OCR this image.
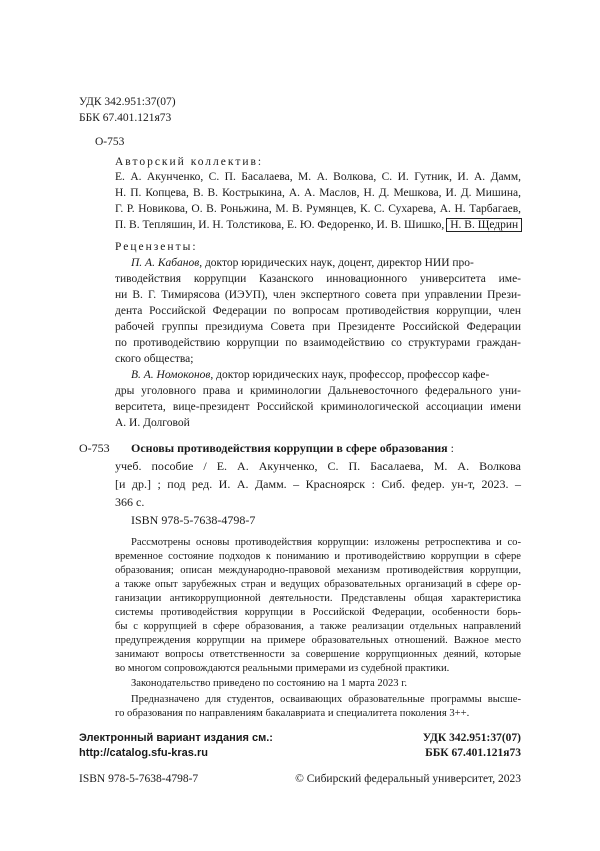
УДК 342.951:37(07)
ББК 67.401.121я73
О-753
Авторский коллектив:
Е. А. Акунченко, С. П. Басалаева, М. А. Волкова, С. И. Гутник, И. А. Дамм,
Н. П. Копцева, В. В. Кострыкина, А. А. Маслов, Н. Д. Мешкова, И. Д. Мишина,
Г. Р. Новикова, О. В. Роньжина, М. В. Румянцев, К. С. Сухарева, А. Н. Тарбагаев,
П. В. Тепляшин, И. Н. Толстикова, Е. Ю. Федоренко, И. В. Шишко, Н. В. Щедрин
Рецензенты:
П. А. Кабанов, доктор юридических наук, доцент, директор НИИ про-
тиводействия коррупции Казанского инновационного университета име-
ни В. Г. Тимирясова (ИЭУП), член экспертного совета при управлении Прези-
дента Российской Федерации по вопросам противодействия коррупции, член
рабочей группы президиума Совета при Президенте Российской Федерации
по противодействию коррупции по взаимодействию со структурами граждан-
ского общества;
В. А. Номоконов, доктор юридических наук, профессор, профессор кафе-
дры уголовного права и криминологии Дальневосточного федерального уни-
верситета, вице-президент Российской криминологической ассоциации имени
А. И. Долговой
О-753 Основы противодействия коррупции в сфере образования :
учеб. пособие / Е. А. Акунченко, С. П. Басалаева, М. А. Волкова
[и др.] ; под ред. И. А. Дамм. – Красноярск : Сиб. федер. ун-т, 2023. –
366 с.
ISBN 978-5-7638-4798-7
Рассмотрены основы противодействия коррупции: изложены ретроспектива и со-
временное состояние подходов к пониманию и противодействию коррупции в сфере
образования; описан международно-правовой механизм противодействия коррупции,
а также опыт зарубежных стран и ведущих образовательных организаций в сфере ор-
ганизации антикоррупционной деятельности. Представлены общая характеристика
системы противодействия коррупции в Российской Федерации, особенности борь-
бы с коррупцией в сфере образования, а также реализации отдельных направлений
предупреждения коррупции на примере образовательных отношений. Важное место
занимают вопросы ответственности за совершение коррупционных деяний, которые
во многом сопровождаются реальными примерами из судебной практики.
Законодательство приведено по состоянию на 1 марта 2023 г.
Предназначено для студентов, осваивающих образовательные программы высше-
го образования по направлениям бакалавриата и специалитета поколения 3++.
Электронный вариант издания см.:
http://catalog.sfu-kras.ru
УДК 342.951:37(07)
ББК 67.401.121я73
ISBN 978-5-7638-4798-7	© Сибирский федеральный университет, 2023
